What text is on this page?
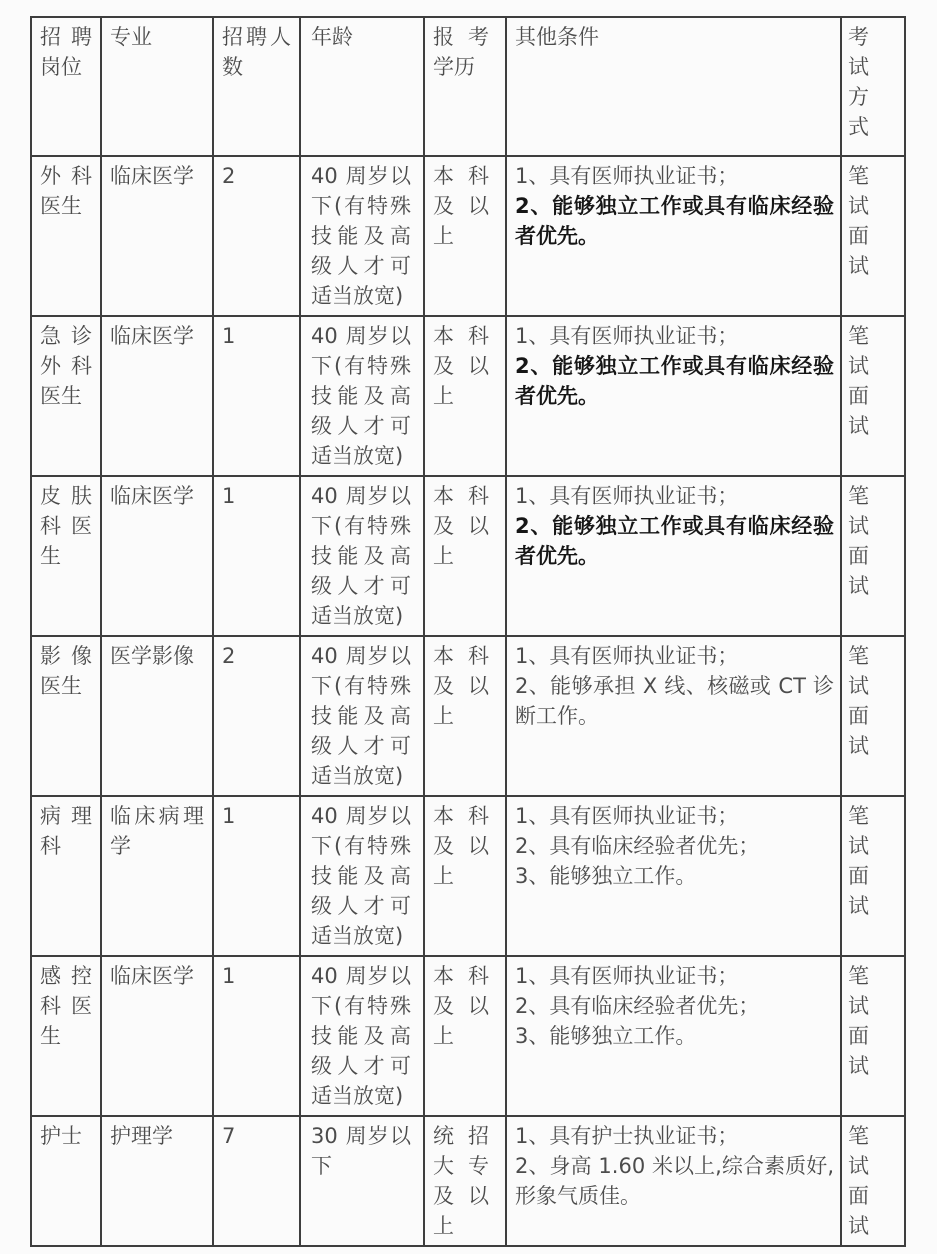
招聘岗位	专业	招聘人数	年龄	报考学历	其他条件	考试方式

外科医生	临床医学	2	40 周岁以下(有特殊技能及高级人才可适当放宽)	本科及以上	1、具有医师执业证书；
2、能够独立工作或具有临床经验者优先。	笔试面试

急诊外科医生	临床医学	1	40 周岁以下(有特殊技能及高级人才可适当放宽)	本科及以上	1、具有医师执业证书；
2、能够独立工作或具有临床经验者优先。	笔试面试

皮肤科医生	临床医学	1	40 周岁以下(有特殊技能及高级人才可适当放宽)	本科及以上	1、具有医师执业证书；
2、能够独立工作或具有临床经验者优先。	笔试面试

影像医生	医学影像	2	40 周岁以下(有特殊技能及高级人才可适当放宽)	本科及以上	1、具有医师执业证书；
2、能够承担 X 线、核磁或 CT 诊断工作。	笔试面试

病理科	临床病理学	1	40 周岁以下(有特殊技能及高级人才可适当放宽)	本科及以上	1、具有医师执业证书；
2、具有临床经验者优先；
3、能够独立工作。	笔试面试

感控科医生	临床医学	1	40 周岁以下(有特殊技能及高级人才可适当放宽)	本科及以上	1、具有医师执业证书；
2、具有临床经验者优先；
3、能够独立工作。	笔试面试

护士	护理学	7	30 周岁以下	统招大专及以上	1、具有护士执业证书；
2、身高 1.60 米以上,综合素质好,形象气质佳。	笔试面试
